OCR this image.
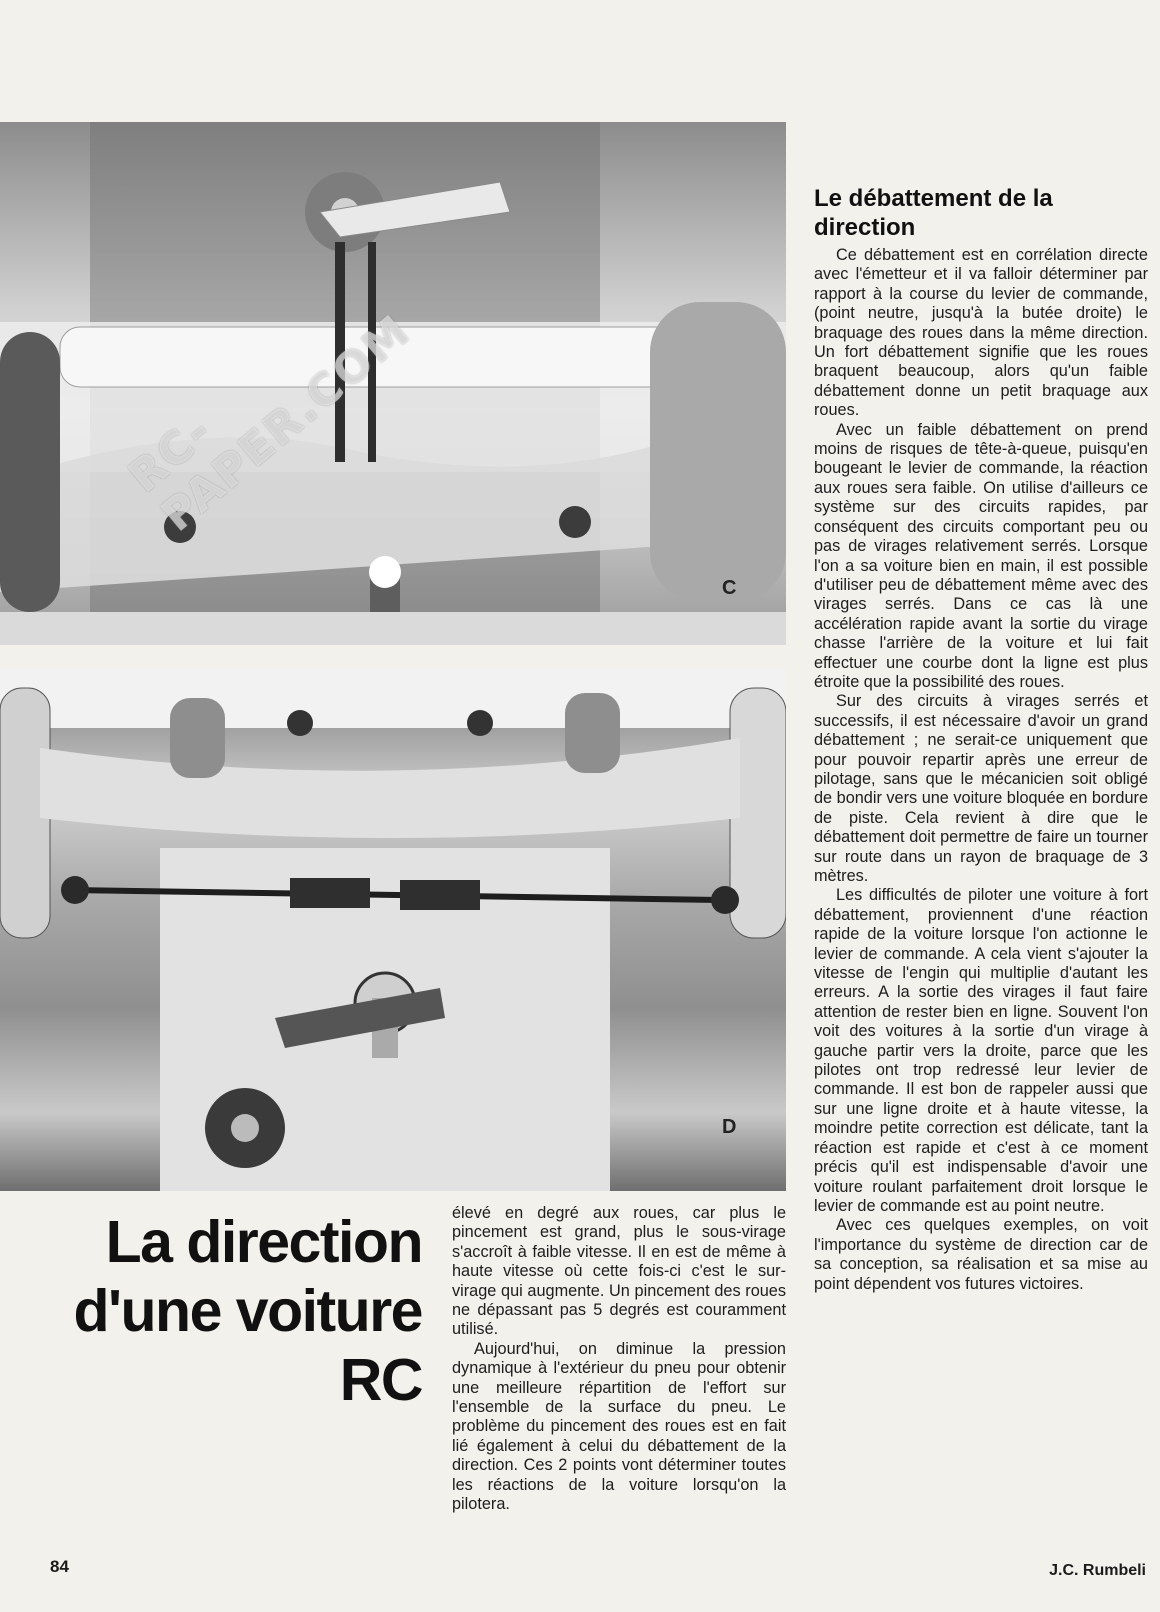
RC-PAPER.COM
C
D
Le débattement de la direction

Ce débattement est en corrélation directe avec l'émetteur et il va falloir déterminer par rapport à la course du levier de commande, (point neutre, jusqu'à la butée droite) le braquage des roues dans la même direction. Un fort débattement signifie que les roues braquent beaucoup, alors qu'un faible débattement donne un petit braquage aux roues.

Avec un faible débattement on prend moins de risques de tête-à-queue, puisqu'en bougeant le levier de commande, la réaction aux roues sera faible. On utilise d'ailleurs ce système sur des circuits rapides, par conséquent des circuits comportant peu ou pas de virages relativement serrés. Lorsque l'on a sa voiture bien en main, il est possible d'utiliser peu de débattement même avec des virages serrés. Dans ce cas là une accélération rapide avant la sortie du virage chasse l'arrière de la voiture et lui fait effectuer une courbe dont la ligne est plus étroite que la possibilité des roues.

Sur des circuits à virages serrés et successifs, il est nécessaire d'avoir un grand débattement ; ne serait-ce uniquement que pour pouvoir repartir après une erreur de pilotage, sans que le mécanicien soit obligé de bondir vers une voiture bloquée en bordure de piste. Cela revient à dire que le débattement doit permettre de faire un tourner sur route dans un rayon de braquage de 3 mètres.

Les difficultés de piloter une voiture à fort débattement, proviennent d'une réaction rapide de la voiture lorsque l'on actionne le levier de commande. A cela vient s'ajouter la vitesse de l'engin qui multiplie d'autant les erreurs. A la sortie des virages il faut faire attention de rester bien en ligne. Souvent l'on voit des voitures à la sortie d'un virage à gauche partir vers la droite, parce que les pilotes ont trop redressé leur levier de commande. Il est bon de rappeler aussi que sur une ligne droite et à haute vitesse, la moindre petite correction est délicate, tant la réaction est rapide et c'est à ce moment précis qu'il est indispensable d'avoir une voiture roulant parfaitement droit lorsque le levier de commande est au point neutre.

Avec ces quelques exemples, on voit l'importance du système de direction car de sa conception, sa réalisation et sa mise au point dépendent vos futures victoires.

élevé en degré aux roues, car plus le pincement est grand, plus le sous-virage s'accroît à faible vitesse. Il en est de même à haute vitesse où cette fois-ci c'est le sur-virage qui augmente. Un pincement des roues ne dépassant pas 5 degrés est couramment utilisé.

Aujourd'hui, on diminue la pression dynamique à l'extérieur du pneu pour obtenir une meilleure répartition de l'effort sur l'ensemble de la surface du pneu. Le problème du pincement des roues est en fait lié également à celui du débattement de la direction. Ces 2 points vont déterminer toutes les réactions de la voiture lorsqu'on la pilotera.

La direction d'une voiture RC
84	J.C. Rumbeli
